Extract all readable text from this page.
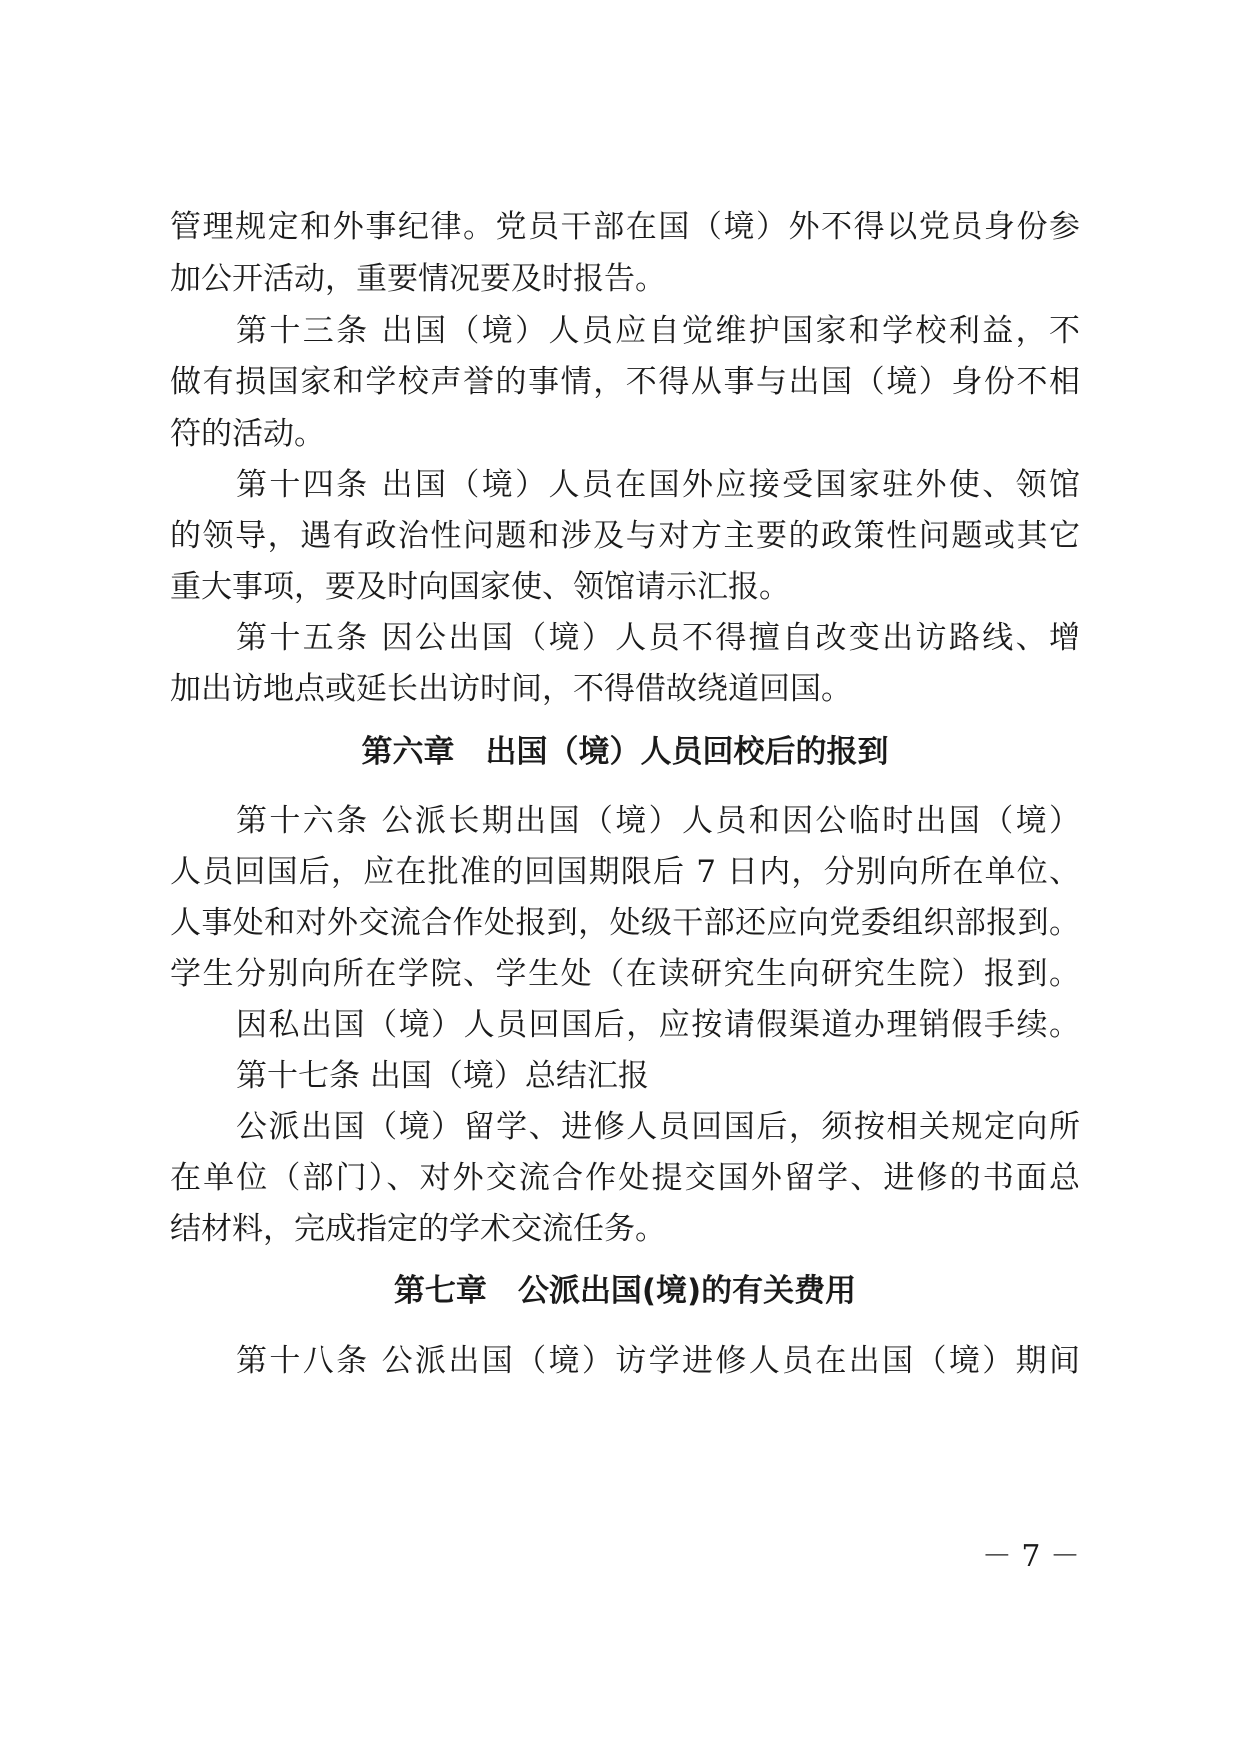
管理规定和外事纪律。党员干部在国（境）外不得以党员身份参
加公开活动，重要情况要及时报告。
第十三条 出国（境）人员应自觉维护国家和学校利益，不
做有损国家和学校声誉的事情，不得从事与出国（境）身份不相
符的活动。
第十四条 出国（境）人员在国外应接受国家驻外使、领馆
的领导，遇有政治性问题和涉及与对方主要的政策性问题或其它
重大事项，要及时向国家使、领馆请示汇报。
第十五条 因公出国（境）人员不得擅自改变出访路线、增
加出访地点或延长出访时间，不得借故绕道回国。
第六章　出国（境）人员回校后的报到
第十六条 公派长期出国（境）人员和因公临时出国（境）
人员回国后，应在批准的回国期限后 7 日内，分别向所在单位、
人事处和对外交流合作处报到，处级干部还应向党委组织部报到。
学生分别向所在学院、学生处（在读研究生向研究生院）报到。
因私出国（境）人员回国后，应按请假渠道办理销假手续。
第十七条 出国（境）总结汇报
公派出国（境）留学、进修人员回国后，须按相关规定向所
在单位（部门）、对外交流合作处提交国外留学、进修的书面总
结材料，完成指定的学术交流任务。
第七章　公派出国(境)的有关费用
第十八条 公派出国（境）访学进修人员在出国（境）期间
－ 7 －
